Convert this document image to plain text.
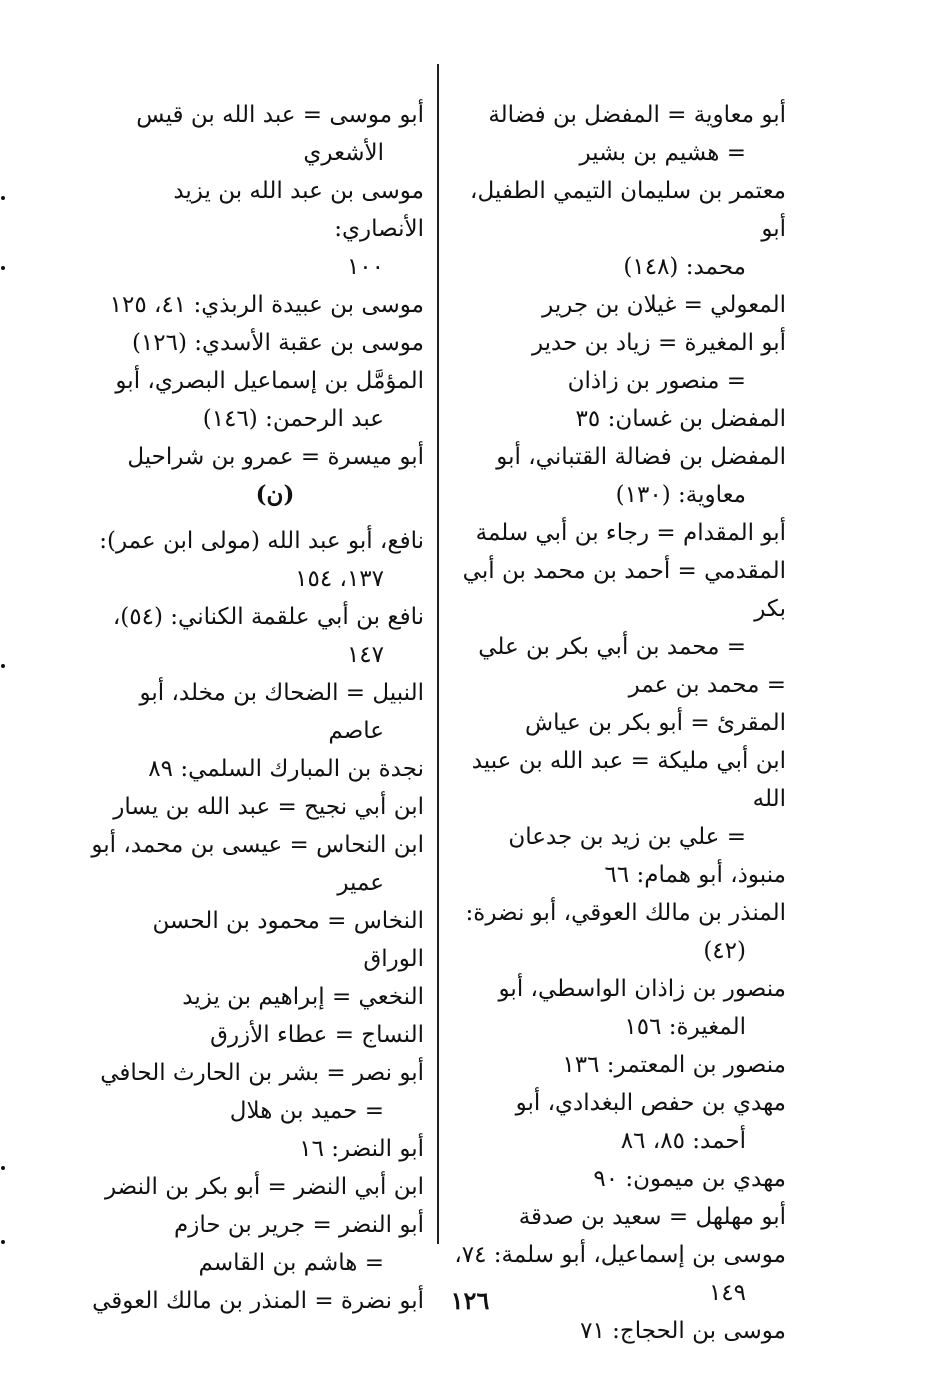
أبو معاوية = المفضل بن فضالة
= هشيم بن بشير
معتمر بن سليمان التيمي الطفيل، أبو
محمد: (١٤٨)
المعولي = غيلان بن جرير
أبو المغيرة = زياد بن حدير
= منصور بن زاذان
المفضل بن غسان: ٣٥
المفضل بن فضالة القتباني، أبو
معاوية: (١٣٠)
أبو المقدام = رجاء بن أبي سلمة
المقدمي = أحمد بن محمد بن أبي بكر
= محمد بن أبي بكر بن علي
= محمد بن عمر
المقرئ = أبو بكر بن عياش
ابن أبي مليكة = عبد الله بن عبيد الله
= علي بن زيد بن جدعان
منبوذ، أبو همام: ٦٦
المنذر بن مالك العوقي، أبو نضرة:
(٤٢)
منصور بن زاذان الواسطي، أبو
المغيرة: ١٥٦
منصور بن المعتمر: ١٣٦
مهدي بن حفص البغدادي، أبو
أحمد: ٨٥، ٨٦
مهدي بن ميمون: ٩٠
أبو مهلهل = سعيد بن صدقة
موسى بن إسماعيل، أبو سلمة: ٧٤،
١٤٩
موسى بن الحجاج: ٧١
أبو موسى = عبد الله بن قيس
الأشعري
موسى بن عبد الله بن يزيد الأنصاري:
١٠٠
موسى بن عبيدة الربذي: ٤١، ١٢٥
موسى بن عقبة الأسدي: (١٢٦)
المؤمَّل بن إسماعيل البصري، أبو
عبد الرحمن: (١٤٦)
أبو ميسرة = عمرو بن شراحيل
(ن)
نافع، أبو عبد الله (مولى ابن عمر):
١٣٧، ١٥٤
نافع بن أبي علقمة الكناني: (٥٤)،
١٤٧
النبيل = الضحاك بن مخلد، أبو
عاصم
نجدة بن المبارك السلمي: ٨٩
ابن أبي نجيح = عبد الله بن يسار
ابن النحاس = عيسى بن محمد، أبو
عمير
النخاس = محمود بن الحسن الوراق
النخعي = إبراهيم بن يزيد
النساج = عطاء الأزرق
أبو نصر = بشر بن الحارث الحافي
= حميد بن هلال
أبو النضر: ١٦
ابن أبي النضر = أبو بكر بن النضر
أبو النضر = جرير بن حازم
= هاشم بن القاسم
أبو نضرة = المنذر بن مالك العوقي	١٢٦
